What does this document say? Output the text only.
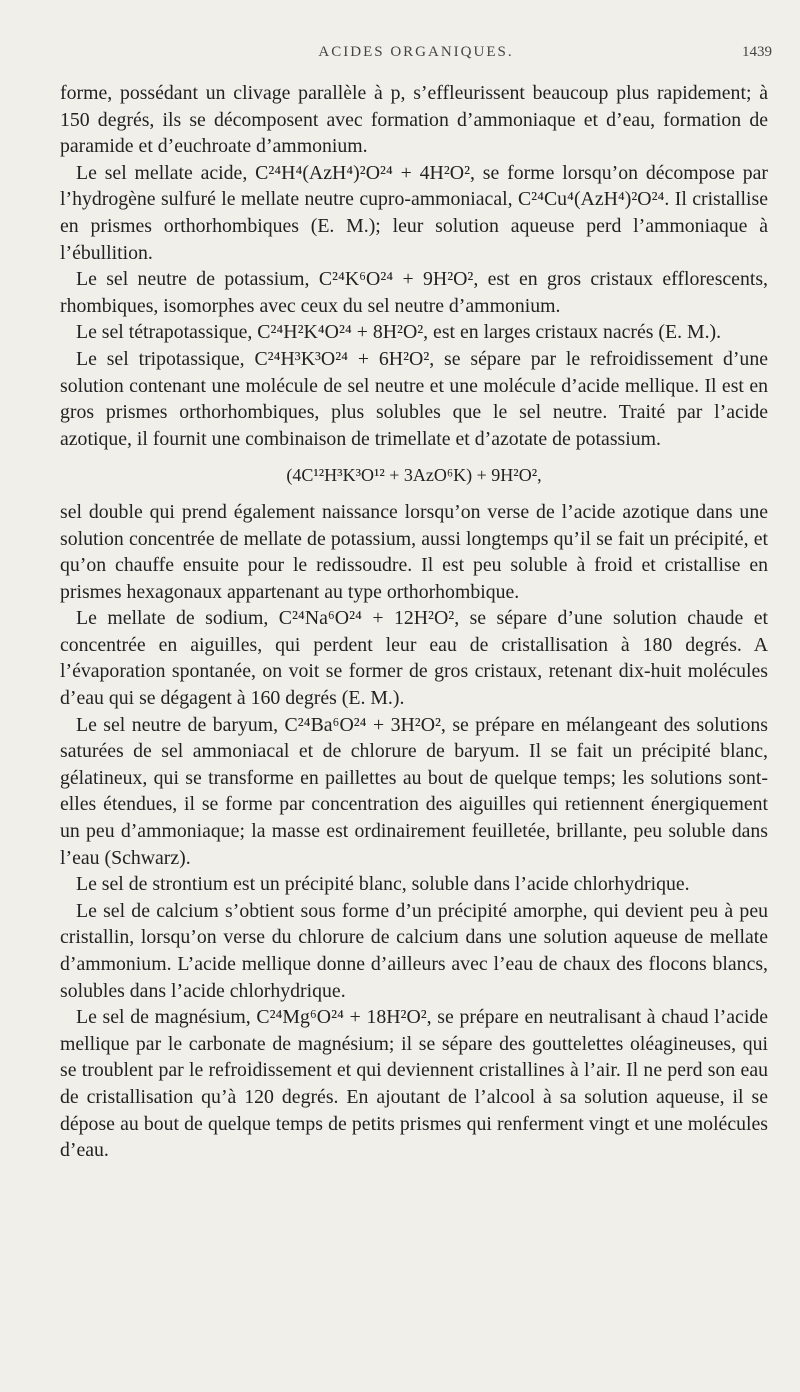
ACIDES ORGANIQUES.	1439

forme, possédant un clivage parallèle à p, s’effleurissent beaucoup plus rapidement; à 150 degrés, ils se décomposent avec formation d’ammoniaque et d’eau, formation de paramide et d’euchroate d’ammonium.

Le sel mellate acide, C²⁴H⁴(AzH⁴)²O²⁴ + 4H²O², se forme lorsqu’on décompose par l’hydrogène sulfuré le mellate neutre cupro-ammoniacal, C²⁴Cu⁴(AzH⁴)²O²⁴. Il cristallise en prismes orthorhombiques (E. M.); leur solution aqueuse perd l’ammoniaque à l’ébullition.

Le sel neutre de potassium, C²⁴K⁶O²⁴ + 9H²O², est en gros cristaux efflorescents, rhombiques, isomorphes avec ceux du sel neutre d’ammonium.

Le sel tétrapotassique, C²⁴H²K⁴O²⁴ + 8H²O², est en larges cristaux nacrés (E. M.).

Le sel tripotassique, C²⁴H³K³O²⁴ + 6H²O², se sépare par le refroidissement d’une solution contenant une molécule de sel neutre et une molécule d’acide mellique. Il est en gros prismes orthorhombiques, plus solubles que le sel neutre. Traité par l’acide azotique, il fournit une combinaison de trimellate et d’azotate de potassium.

(4C¹²H³K³O¹² + 3AzO⁶K) + 9H²O²,

sel double qui prend également naissance lorsqu’on verse de l’acide azotique dans une solution concentrée de mellate de potassium, aussi longtemps qu’il se fait un précipité, et qu’on chauffe ensuite pour le redissoudre. Il est peu soluble à froid et cristallise en prismes hexagonaux appartenant au type orthorhombique.

Le mellate de sodium, C²⁴Na⁶O²⁴ + 12H²O², se sépare d’une solution chaude et concentrée en aiguilles, qui perdent leur eau de cristallisation à 180 degrés. A l’évaporation spontanée, on voit se former de gros cristaux, retenant dix-huit molécules d’eau qui se dégagent à 160 degrés (E. M.).

Le sel neutre de baryum, C²⁴Ba⁶O²⁴ + 3H²O², se prépare en mélangeant des solutions saturées de sel ammoniacal et de chlorure de baryum. Il se fait un précipité blanc, gélatineux, qui se transforme en paillettes au bout de quelque temps; les solutions sont-elles étendues, il se forme par concentration des aiguilles qui retiennent énergiquement un peu d’ammoniaque; la masse est ordinairement feuilletée, brillante, peu soluble dans l’eau (Schwarz).

Le sel de strontium est un précipité blanc, soluble dans l’acide chlorhydrique.

Le sel de calcium s’obtient sous forme d’un précipité amorphe, qui devient peu à peu cristallin, lorsqu’on verse du chlorure de calcium dans une solution aqueuse de mellate d’ammonium. L’acide mellique donne d’ailleurs avec l’eau de chaux des flocons blancs, solubles dans l’acide chlorhydrique.

Le sel de magnésium, C²⁴Mg⁶O²⁴ + 18H²O², se prépare en neutralisant à chaud l’acide mellique par le carbonate de magnésium; il se sépare des gouttelettes oléagineuses, qui se troublent par le refroidissement et qui deviennent cristallines à l’air. Il ne perd son eau de cristallisation qu’à 120 degrés. En ajoutant de l’alcool à sa solution aqueuse, il se dépose au bout de quelque temps de petits prismes qui renferment vingt et une molécules d’eau.
